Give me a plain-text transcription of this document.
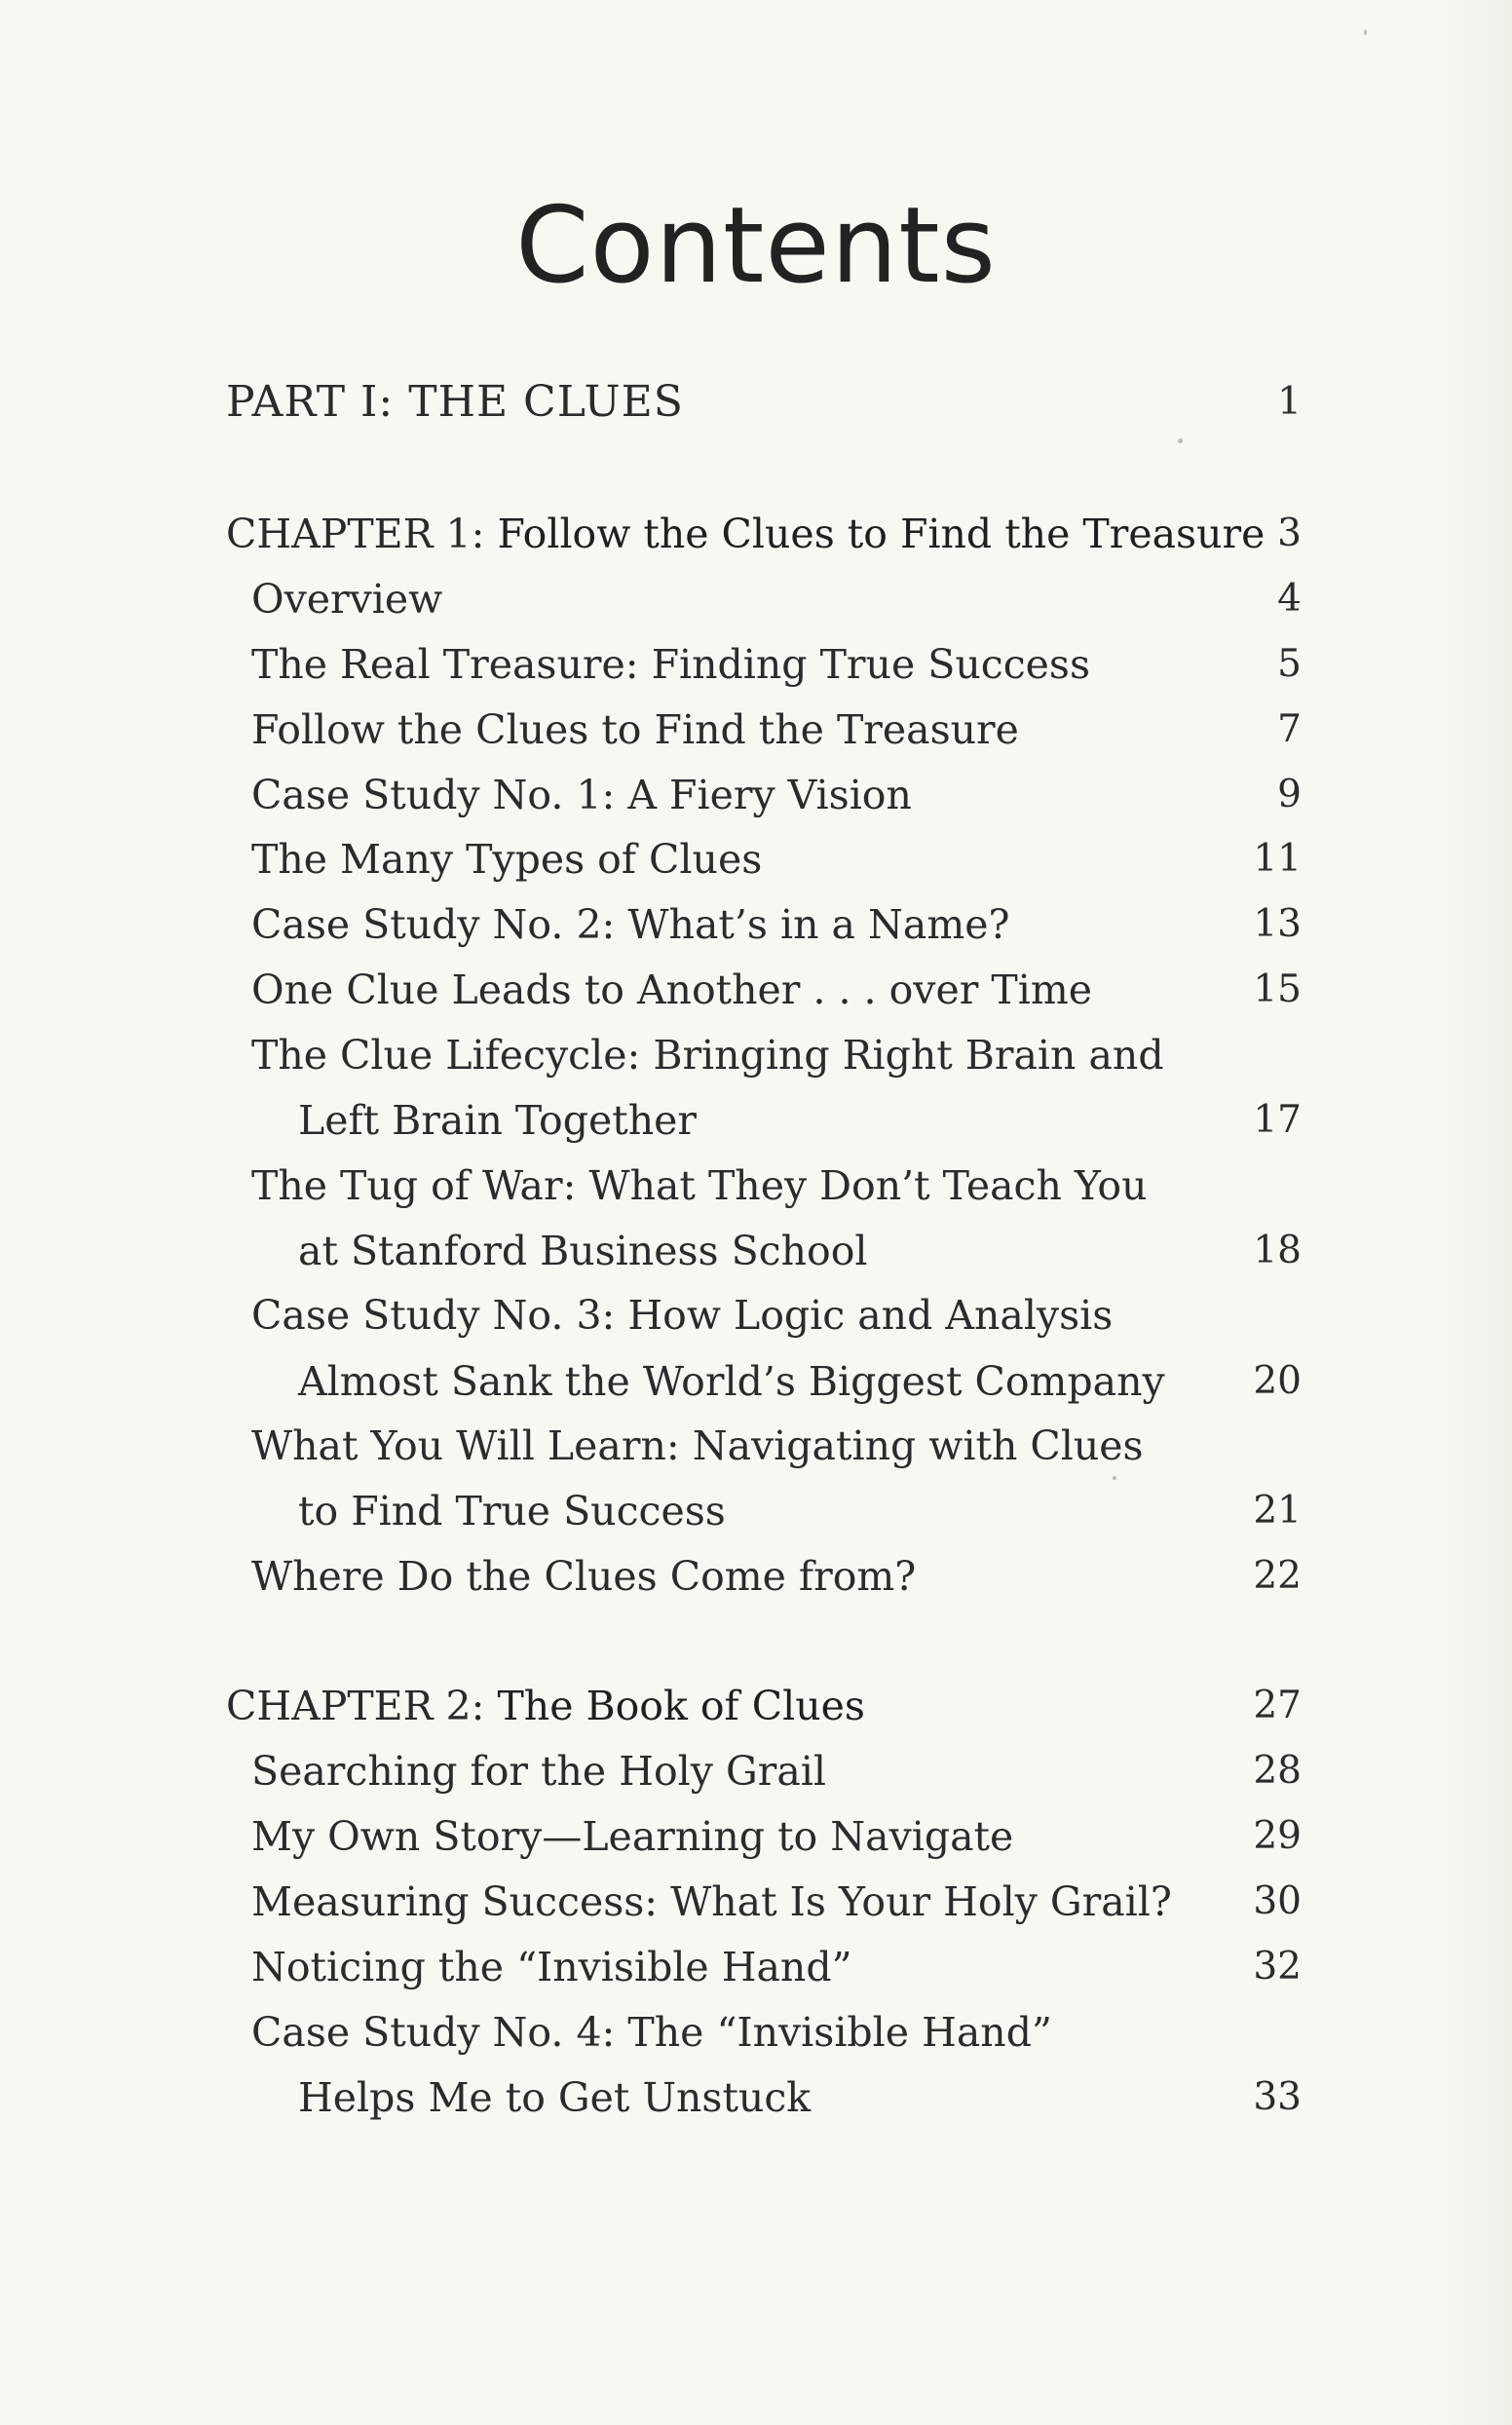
Contents
PART I: THE CLUES	1
CHAPTER 1: Follow the Clues to Find the Treasure 3
Overview	4
The Real Treasure: Finding True Success	5
Follow the Clues to Find the Treasure	7
Case Study No. 1: A Fiery Vision	9
The Many Types of Clues	11
Case Study No. 2: What’s in a Name?	13
One Clue Leads to Another . . . over Time	15
The Clue Lifecycle: Bringing Right Brain and
Left Brain Together	17
The Tug of War: What They Don’t Teach You
at Stanford Business School	18
Case Study No. 3: How Logic and Analysis
Almost Sank the World’s Biggest Company 20
What You Will Learn: Navigating with Clues
to Find True Success	21
Where Do the Clues Come from?	22
CHAPTER 2: The Book of Clues	27
Searching for the Holy Grail	28
My Own Story—Learning to Navigate	29
Measuring Success: What Is Your Holy Grail? 30
Noticing the “Invisible Hand”	32
Case Study No. 4: The “Invisible Hand”
Helps Me to Get Unstuck	33
